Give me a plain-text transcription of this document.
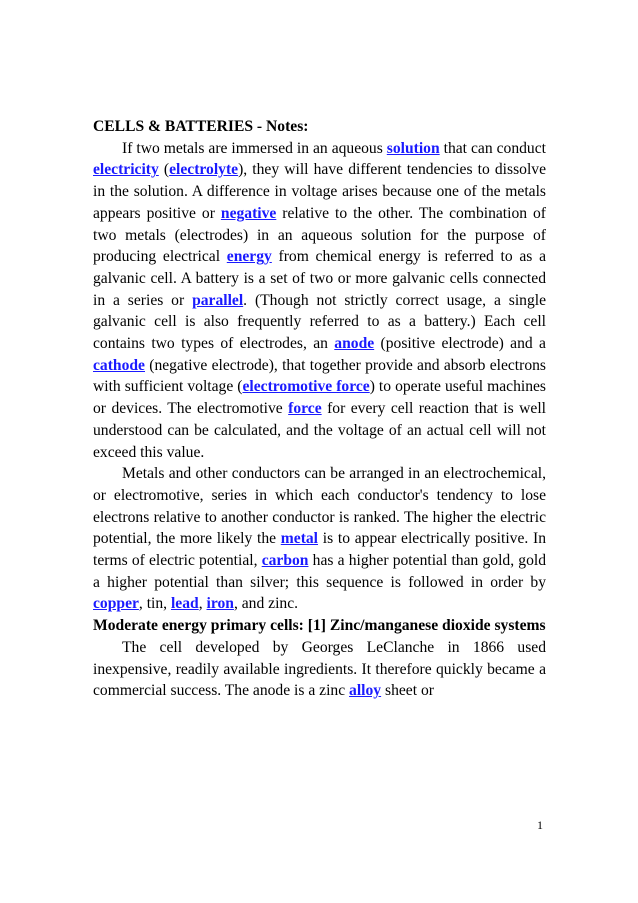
CELLS & BATTERIES - Notes:

If two metals are immersed in an aqueous solution that can conduct electricity (electrolyte), they will have different tendencies to dissolve in the solution. A difference in voltage arises because one of the metals appears positive or negative relative to the other. The combination of two metals (electrodes) in an aqueous solution for the purpose of producing electrical energy from chemical energy is referred to as a galvanic cell. A battery is a set of two or more galvanic cells connected in a series or parallel. (Though not strictly correct usage, a single galvanic cell is also frequently referred to as a battery.) Each cell contains two types of electrodes, an anode (positive electrode) and a cathode (negative electrode), that together provide and absorb electrons with sufficient voltage (electromotive force) to operate useful machines or devices. The electromotive force for every cell reaction that is well understood can be calculated, and the voltage of an actual cell will not exceed this value.

Metals and other conductors can be arranged in an electrochemical, or electromotive, series in which each conductor's tendency to lose electrons relative to another conductor is ranked. The higher the electric potential, the more likely the metal is to appear electrically positive. In terms of electric potential, carbon has a higher potential than gold, gold a higher potential than silver; this sequence is followed in order by copper, tin, lead, iron, and zinc.

Moderate energy primary cells: [1] Zinc/manganese dioxide systems

The cell developed by Georges LeClanche in 1866 used inexpensive, readily available ingredients. It therefore quickly became a commercial success. The anode is a zinc alloy sheet or

1
